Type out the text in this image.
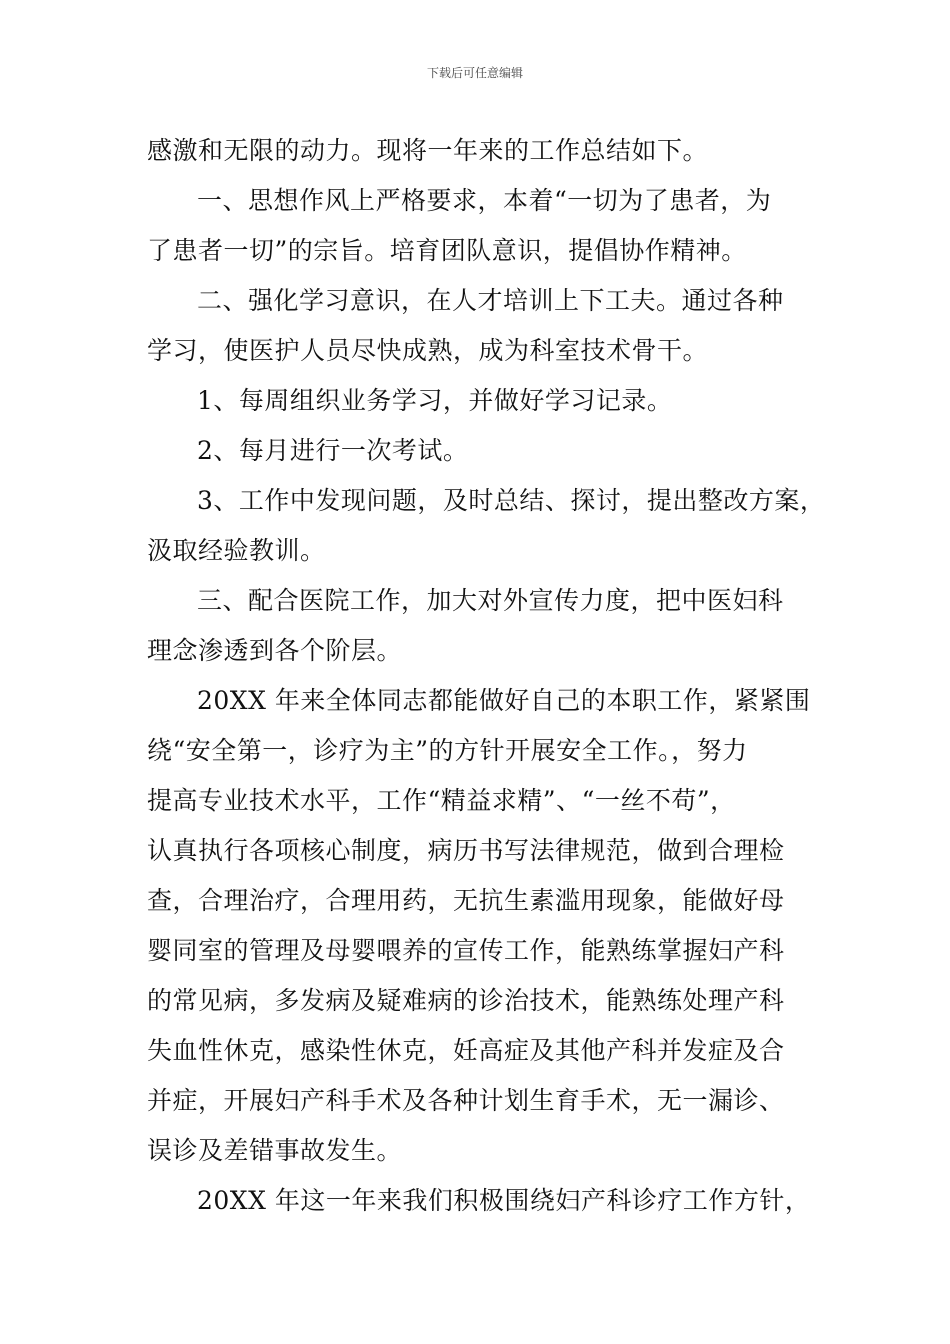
下载后可任意编辑
感激和无限的动力。现将一年来的工作总结如下。
一、思想作风上严格要求，本着“一切为了患者，为
了患者一切”的宗旨。培育团队意识，提倡协作精神。
二、强化学习意识，在人才培训上下工夫。通过各种
学习，使医护人员尽快成熟，成为科室技术骨干。
1、每周组织业务学习，并做好学习记录。
2、每月进行一次考试。
3、工作中发现问题，及时总结、探讨，提出整改方案，
汲取经验教训。
三、配合医院工作，加大对外宣传力度，把中医妇科
理念渗透到各个阶层。
20XX 年来全体同志都能做好自己的本职工作，紧紧围
绕“安全第一，诊疗为主”的方针开展安全工作。，努力
提高专业技术水平，工作“精益求精”、“一丝不苟”，
认真执行各项核心制度，病历书写法律规范，做到合理检
查，合理治疗，合理用药，无抗生素滥用现象，能做好母
婴同室的管理及母婴喂养的宣传工作，能熟练掌握妇产科
的常见病，多发病及疑难病的诊治技术，能熟练处理产科
失血性休克，感染性休克，妊高症及其他产科并发症及合
并症，开展妇产科手术及各种计划生育手术，无一漏诊、
误诊及差错事故发生。
20XX 年这一年来我们积极围绕妇产科诊疗工作方针，
